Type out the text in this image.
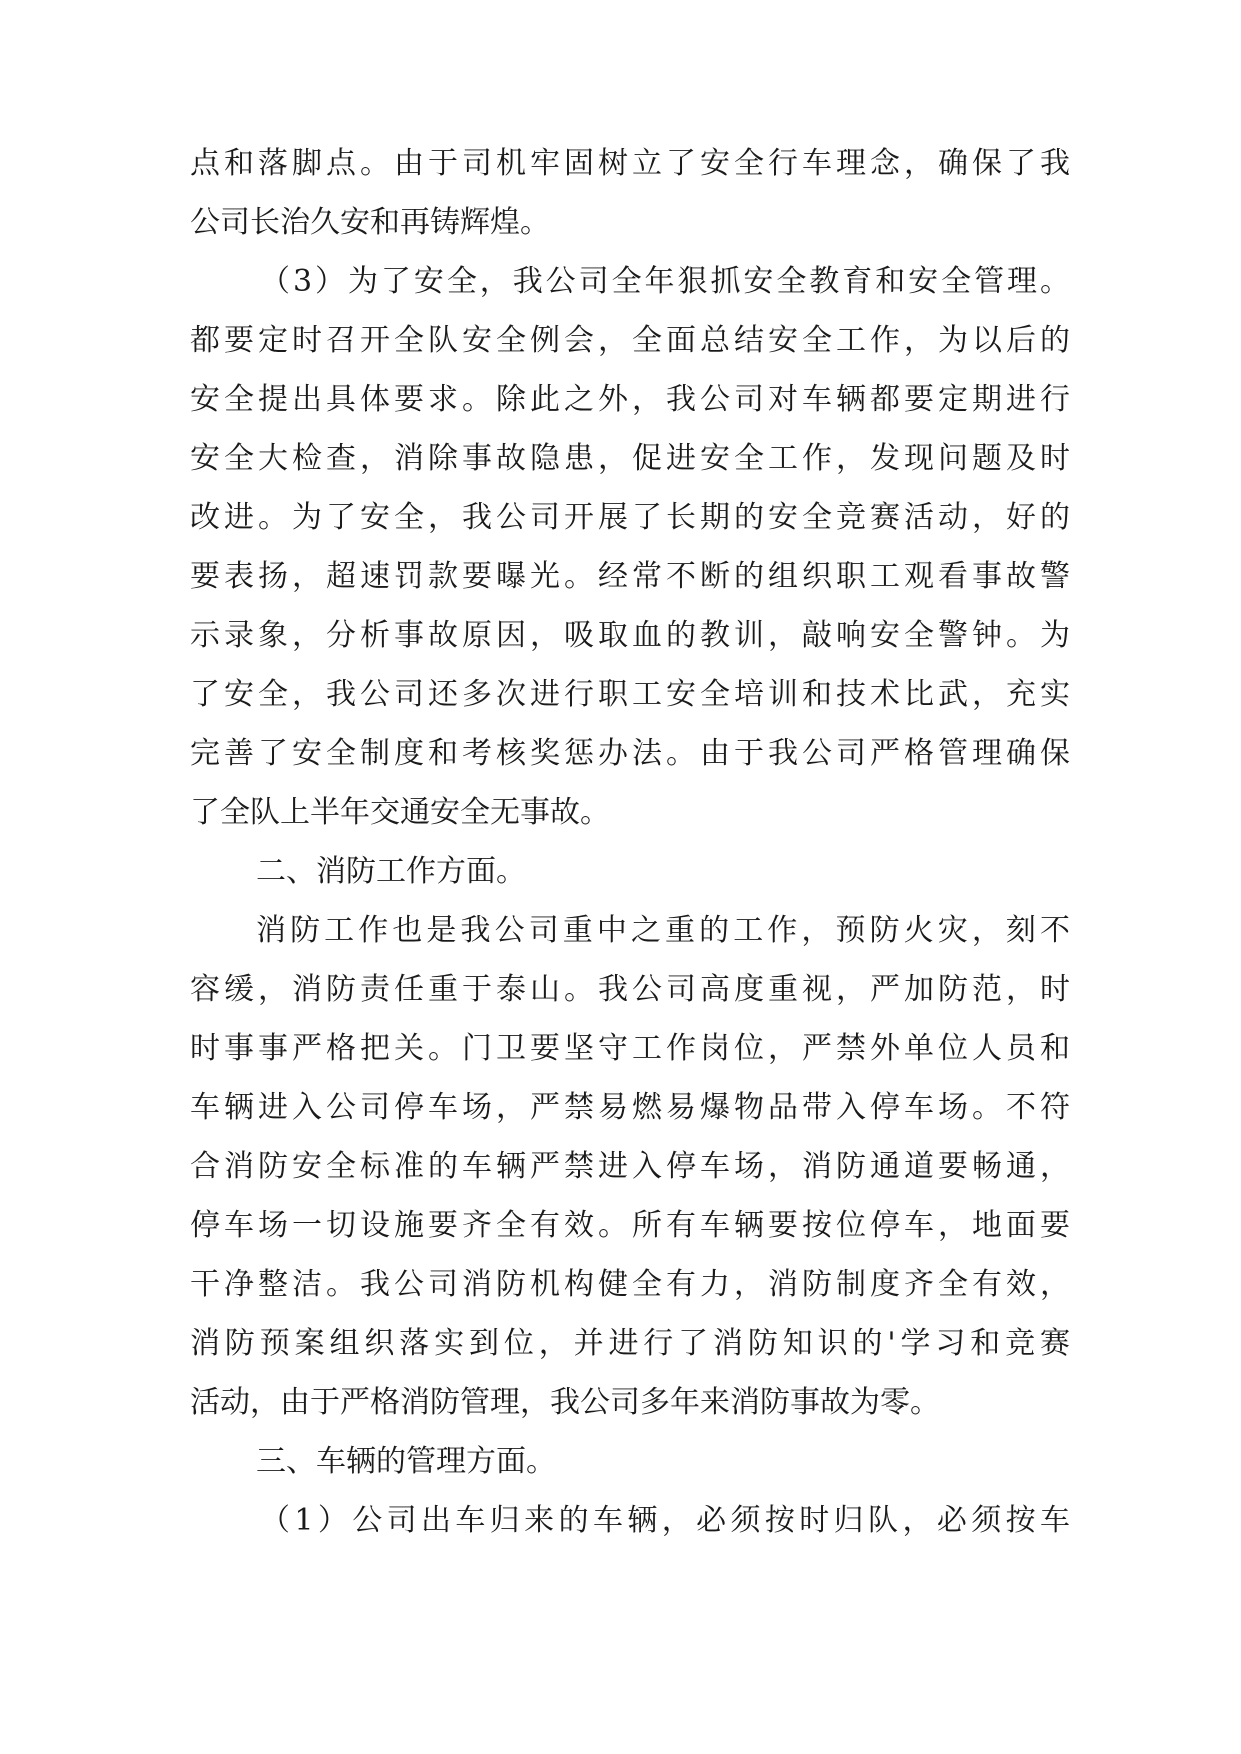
点和落脚点。由于司机牢固树立了安全行车理念，确保了我
公司长治久安和再铸辉煌。
（3）为了安全，我公司全年狠抓安全教育和安全管理。
都要定时召开全队安全例会，全面总结安全工作，为以后的
安全提出具体要求。除此之外，我公司对车辆都要定期进行
安全大检查，消除事故隐患，促进安全工作，发现问题及时
改进。为了安全，我公司开展了长期的安全竞赛活动，好的
要表扬，超速罚款要曝光。经常不断的组织职工观看事故警
示录象，分析事故原因，吸取血的教训，敲响安全警钟。为
了安全，我公司还多次进行职工安全培训和技术比武，充实
完善了安全制度和考核奖惩办法。由于我公司严格管理确保
了全队上半年交通安全无事故。
二、消防工作方面。
消防工作也是我公司重中之重的工作，预防火灾，刻不
容缓，消防责任重于泰山。我公司高度重视，严加防范，时
时事事严格把关。门卫要坚守工作岗位，严禁外单位人员和
车辆进入公司停车场，严禁易燃易爆物品带入停车场。不符
合消防安全标准的车辆严禁进入停车场，消防通道要畅通，
停车场一切设施要齐全有效。所有车辆要按位停车，地面要
干净整洁。我公司消防机构健全有力，消防制度齐全有效，
消防预案组织落实到位，并进行了消防知识的'学习和竞赛
活动，由于严格消防管理，我公司多年来消防事故为零。
三、车辆的管理方面。
（1）公司出车归来的车辆，必须按时归队，必须按车
